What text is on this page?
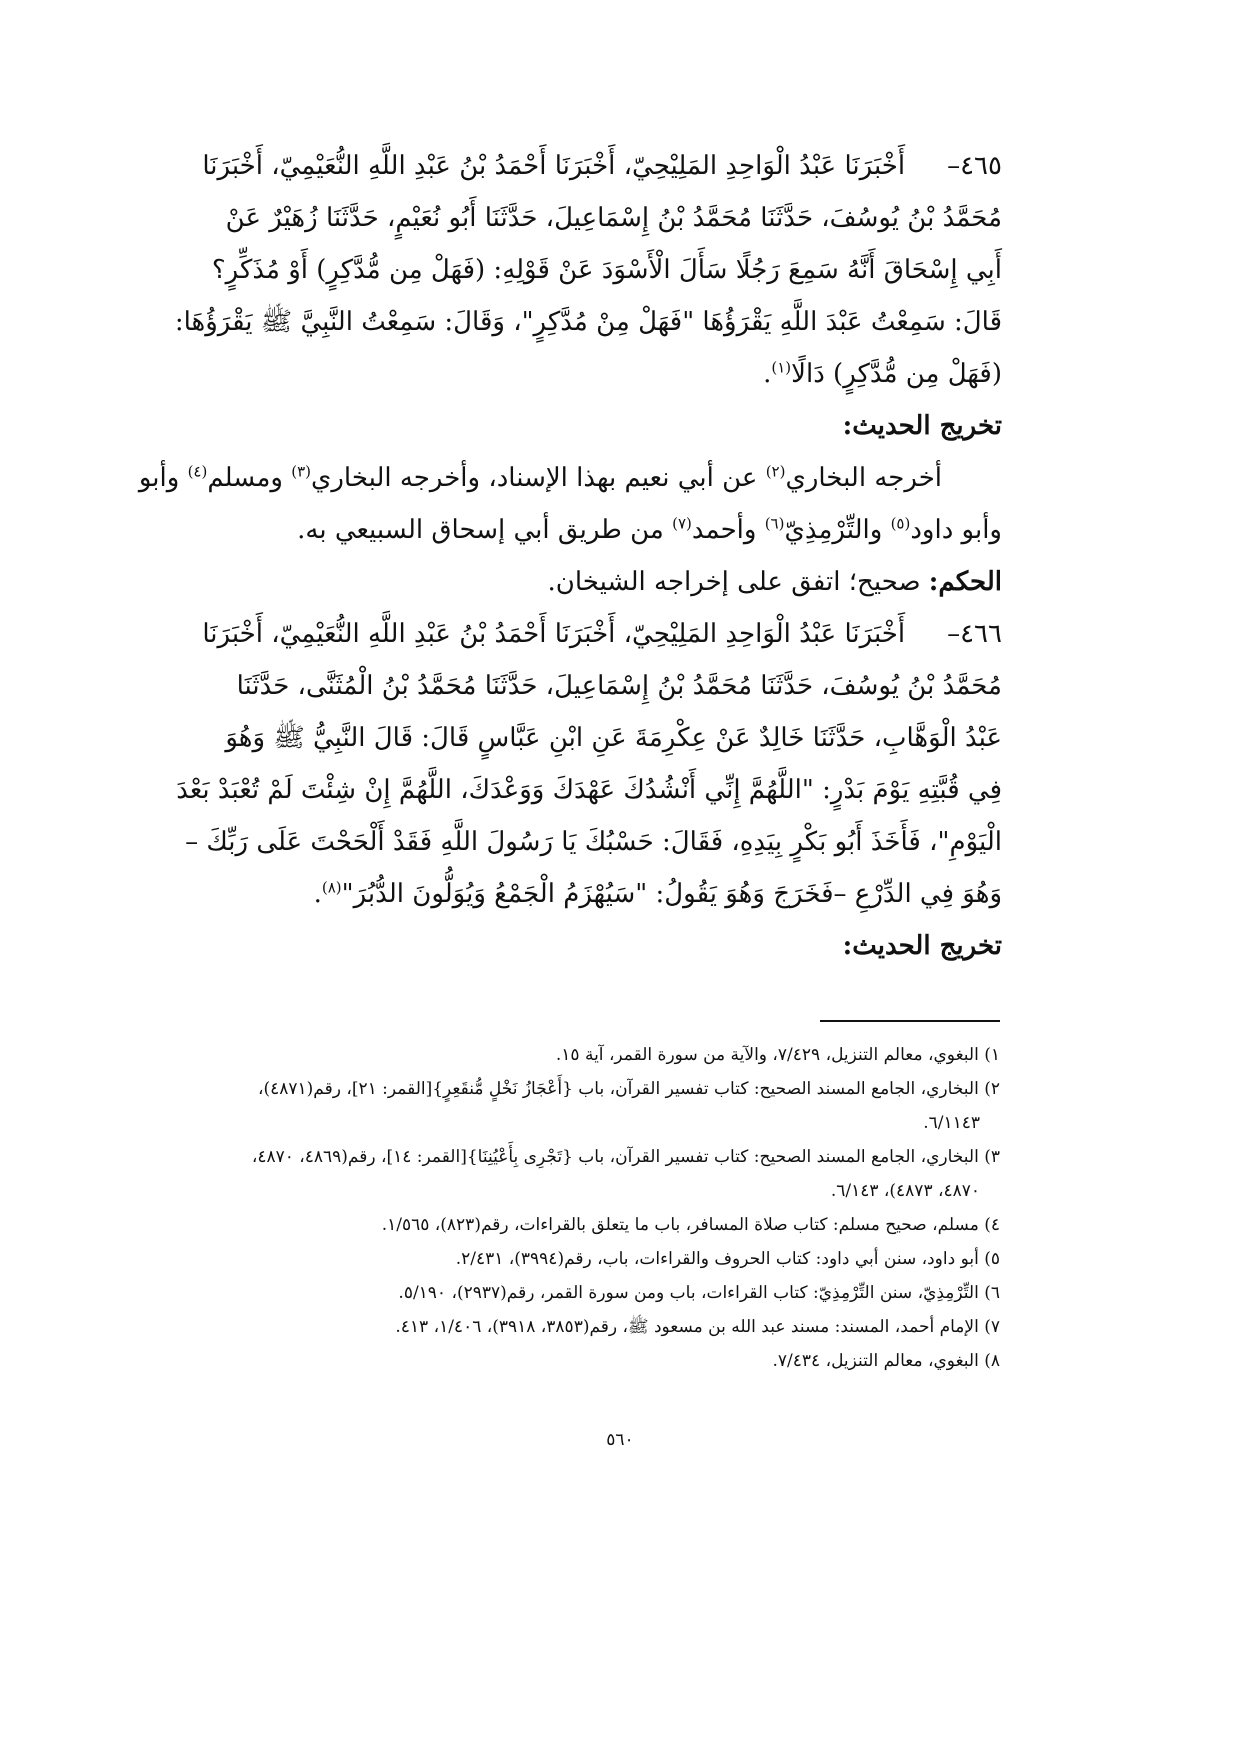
٤٦٥–أَخْبَرَنَا عَبْدُ الْوَاحِدِ المَلِيْحِيّ، أَخْبَرَنَا أَحْمَدُ بْنُ عَبْدِ اللَّهِ النُّعَيْمِيّ، أَخْبَرَنَا
مُحَمَّدُ بْنُ يُوسُفَ، حَدَّثَنَا مُحَمَّدُ بْنُ إِسْمَاعِيلَ، حَدَّثَنَا أَبُو نُعَيْمٍ، حَدَّثَنَا زُهَيْرٌ عَنْ
أَبِي إِسْحَاقَ أَنَّهُ سَمِعَ رَجُلًا سَأَلَ الْأَسْوَدَ عَنْ قَوْلِهِ: (فَهَلْ مِن مُّدَّكِرٍ) أَوْ مُذَكِّرٍ؟
قَالَ: سَمِعْتُ عَبْدَ اللَّهِ يَقْرَؤُهَا "فَهَلْ مِنْ مُدَّكِرٍ"، وَقَالَ: سَمِعْتُ النَّبِيَّ ﷺ يَقْرَؤُهَا:
(فَهَلْ مِن مُّدَّكِرٍ) دَالًا$^{(١)}$.
تخريج الحديث:
أخرجه البخاري$^{(٢)}$ عن أبي نعيم بهذا الإسناد، وأخرجه البخاري$^{(٣)}$ ومسلم$^{(٤)}$ وأبو
وأبو داود$^{(٥)}$ والتِّرْمِذِيّ$^{(٦)}$ وأحمد$^{(٧)}$ من طريق أبي إسحاق السبيعي به.
الحكم: صحيح؛ اتفق على إخراجه الشيخان.
٤٦٦–أَخْبَرَنَا عَبْدُ الْوَاحِدِ المَلِيْحِيّ، أَخْبَرَنَا أَحْمَدُ بْنُ عَبْدِ اللَّهِ النُّعَيْمِيّ، أَخْبَرَنَا
مُحَمَّدُ بْنُ يُوسُفَ، حَدَّثَنَا مُحَمَّدُ بْنُ إِسْمَاعِيلَ، حَدَّثَنَا مُحَمَّدُ بْنُ الْمُثَنَّى، حَدَّثَنَا
عَبْدُ الْوَهَّابِ، حَدَّثَنَا خَالِدٌ عَنْ عِكْرِمَةَ عَنِ ابْنِ عَبَّاسٍ قَالَ: قَالَ النَّبِيُّ ﷺ وَهُوَ
فِي قُبَّتِهِ يَوْمَ بَدْرٍ: "اللَّهُمَّ إِنِّي أَنْشُدُكَ عَهْدَكَ وَوَعْدَكَ، اللَّهُمَّ إِنْ شِئْتَ لَمْ تُعْبَدْ بَعْدَ
الْيَوْمِ"، فَأَخَذَ أَبُو بَكْرٍ بِيَدِهِ، فَقَالَ: حَسْبُكَ يَا رَسُولَ اللَّهِ فَقَدْ أَلْحَحْتَ عَلَى رَبِّكَ –
وَهُوَ فِي الدِّرْعِ –فَخَرَجَ وَهُوَ يَقُولُ: "سَيُهْزَمُ الْجَمْعُ وَيُوَلُّونَ الدُّبُرَ"$^{(٨)}$.
تخريج الحديث:
١) البغوي، معالم التنزيل، ٧/٤٢٩، والآية من سورة القمر، آية ١٥.
٢) البخاري، الجامع المسند الصحيح: كتاب تفسير القرآن، باب {أَعْجَازُ نَخْلٍ مُّنقَعِرٍ}[القمر: ٢١]، رقم(٤٨٧١)،
٦/١١٤٣.
٣) البخاري، الجامع المسند الصحيح: كتاب تفسير القرآن، باب {تَجْرِى بِأَعْيُنِنَا}[القمر: ١٤]، رقم(٤٨٦٩، ٤٨٧٠،
٤٨٧٠، ٤٨٧٣)، ٦/١٤٣.
٤) مسلم، صحيح مسلم: كتاب صلاة المسافر، باب ما يتعلق بالقراءات، رقم(٨٢٣)، ١/٥٦٥.
٥) أبو داود، سنن أبي داود: كتاب الحروف والقراءات، باب، رقم(٣٩٩٤)، ٢/٤٣١.
٦) التِّرْمِذِيّ، سنن التِّرْمِذِيّ: كتاب القراءات، باب ومن سورة القمر، رقم(٢٩٣٧)، ٥/١٩٠.
٧) الإمام أحمد، المسند: مسند عبد الله بن مسعود ﷺ، رقم(٣٨٥٣، ٣٩١٨)، ١/٤٠٦، ٤١٣.
٨) البغوي، معالم التنزيل، ٧/٤٣٤.
٥٦٠
